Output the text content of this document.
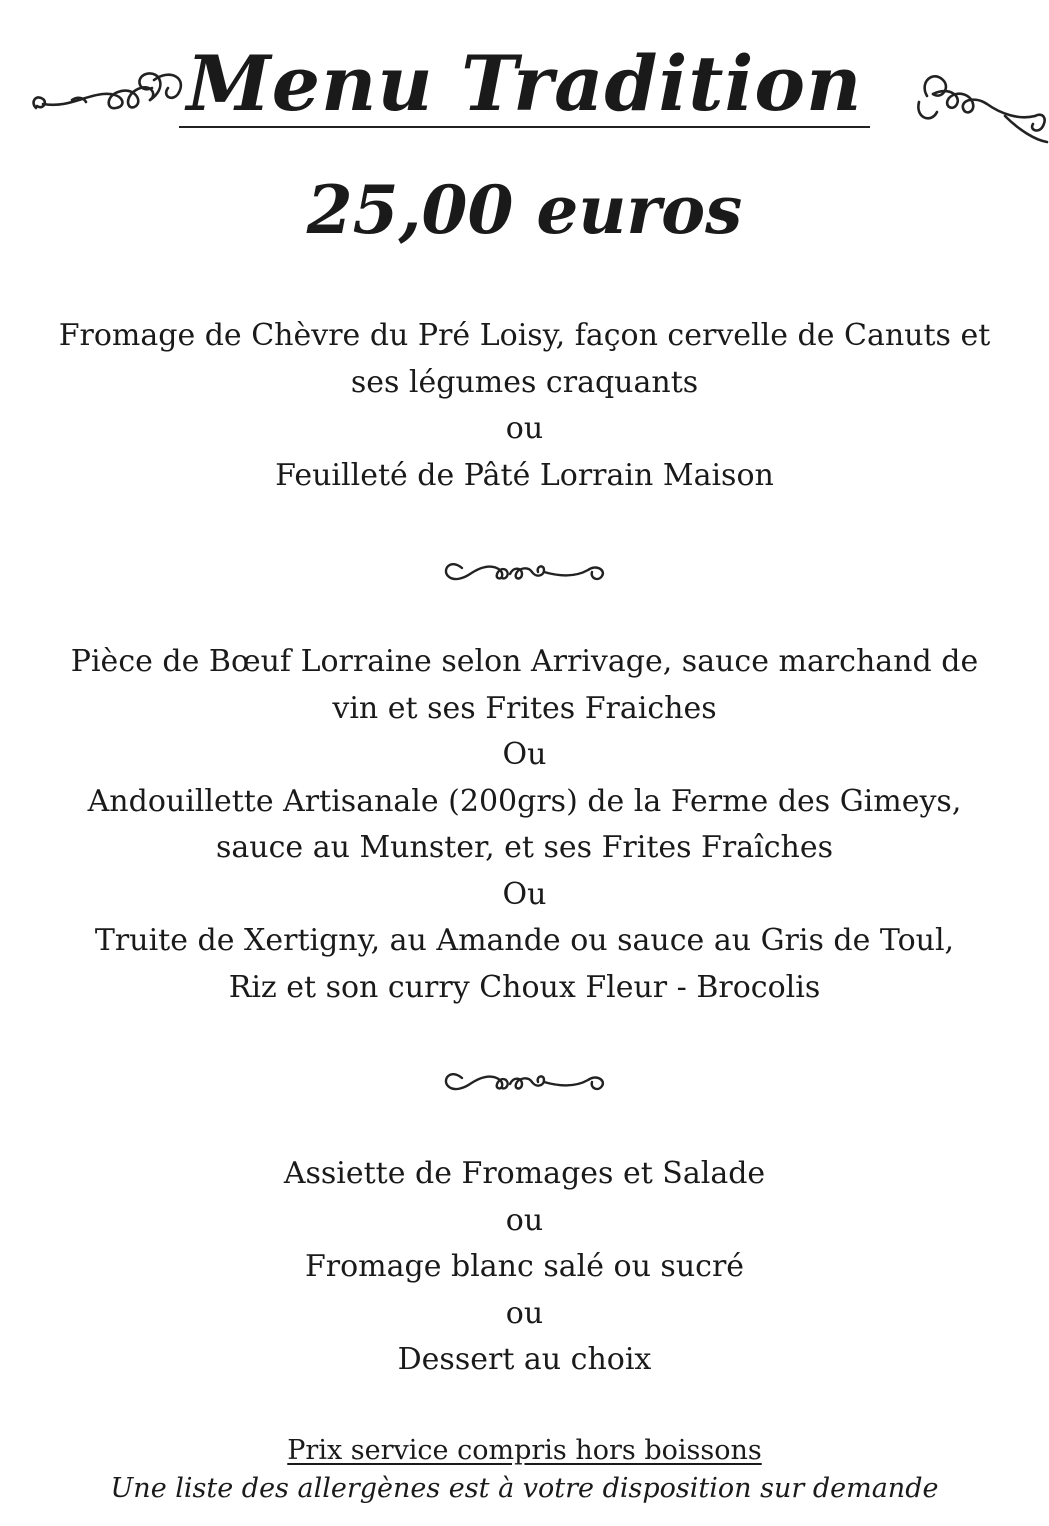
Menu Tradition
25,00 euros
Fromage de Chèvre du Pré Loisy, façon cervelle de Canuts et
ses légumes craquants
ou
Feuilleté de Pâté Lorrain Maison
Pièce de Bœuf Lorraine selon Arrivage, sauce marchand de
vin et ses Frites Fraiches
Ou
Andouillette Artisanale (200grs) de la Ferme des Gimeys,
sauce au Munster, et ses Frites Fraîches
Ou
Truite de Xertigny, au Amande ou sauce au Gris de Toul,
Riz et son curry Choux Fleur - Brocolis
Assiette de Fromages et Salade
ou
Fromage blanc salé ou sucré
ou
Dessert au choix
Prix service compris hors boissons
Une liste des allergènes est à votre disposition sur demande
